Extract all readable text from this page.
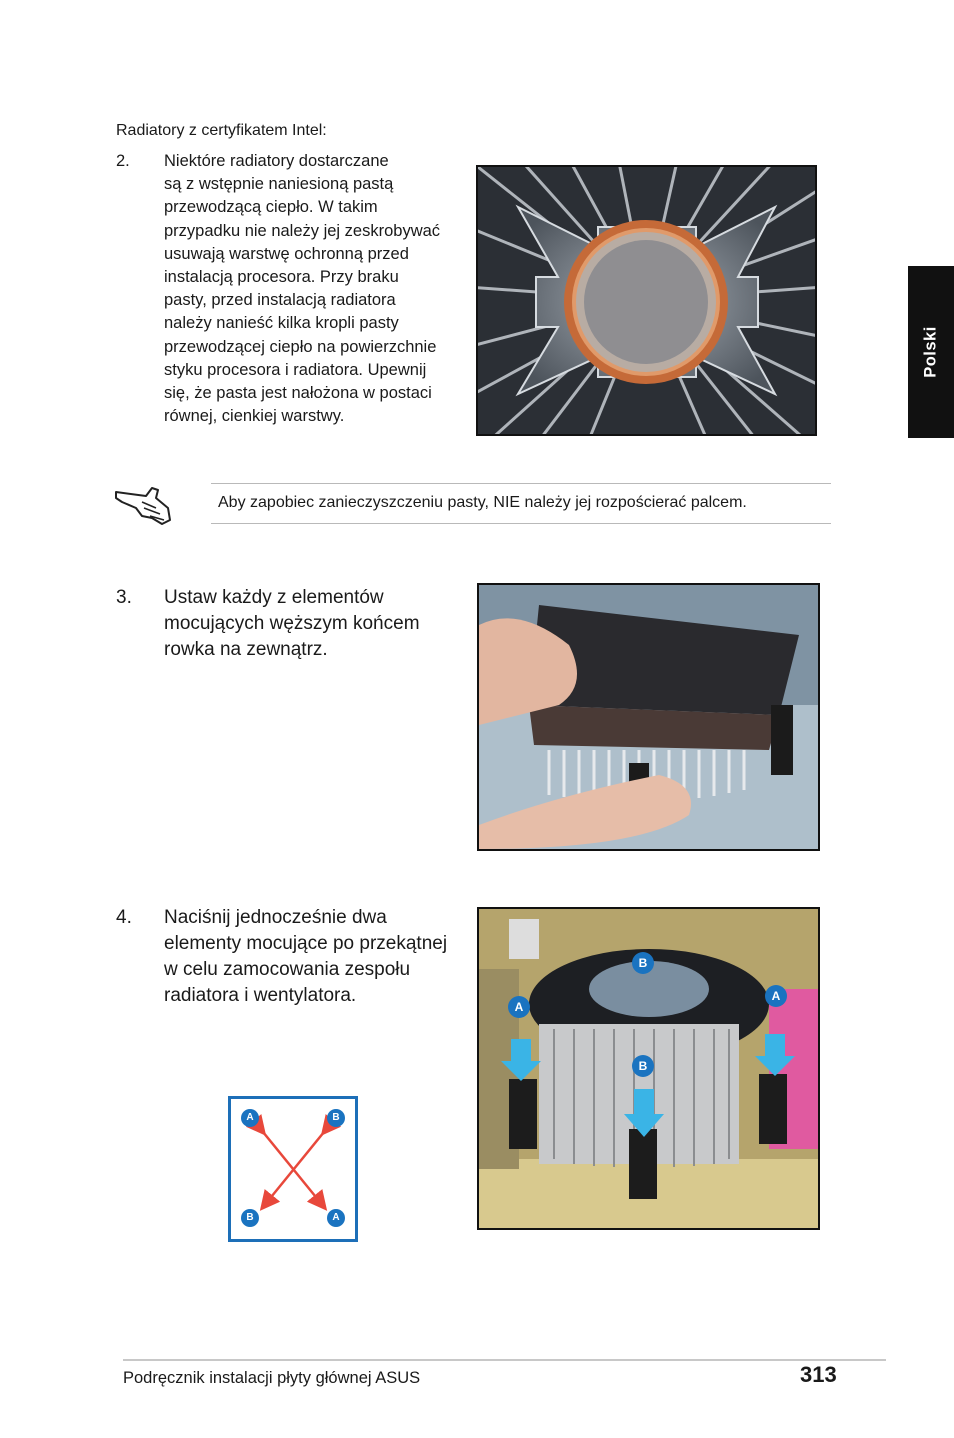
Radiatory z certyfikatem Intel:
2. Niektóre radiatory dostarczane
są z wstępnie naniesioną pastą
przewodzącą ciepło. W takim
przypadku nie należy jej zeskrobywać
usuwają warstwę ochronną przed
instalacją procesora. Przy braku
pasty, przed instalacją radiatora
należy nanieść kilka kropli pasty
przewodzącej ciepło na powierzchnie
styku procesora i radiatora. Upewnij
się, że pasta jest nałożona w postaci
równej, cienkiej warstwy.
Aby zapobiec zanieczyszczeniu pasty, NIE należy jej rozpościerać palcem.
3. Ustaw każdy z elementów
mocujących węższym końcem
rowka na zewnątrz.
4. Naciśnij jednocześnie dwa
elementy mocujące po przekątnej
w celu zamocowania zespołu
radiatora i wentylatora.
B
A
A
B
A	B
B	A
Polski
Podręcznik instalacji płyty głównej ASUS	313
